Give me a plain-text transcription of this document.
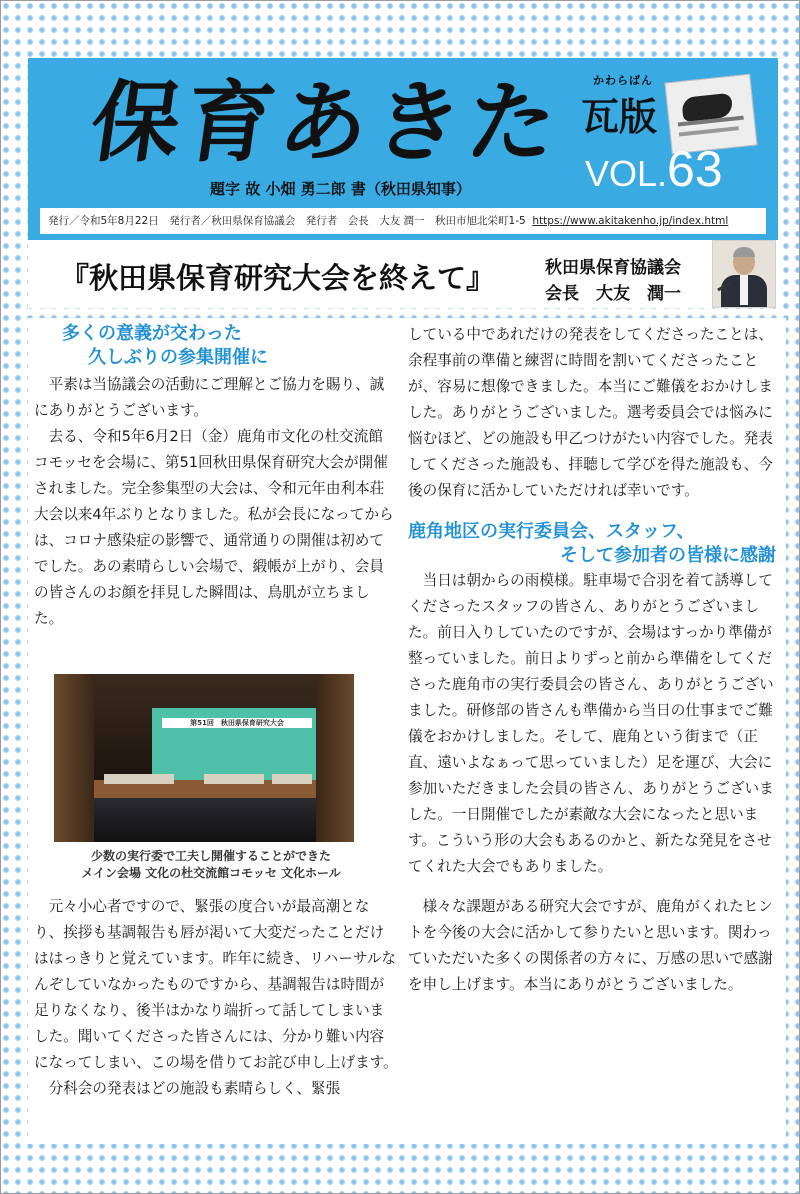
保育あきた
題字 故 小畑 勇二郎 書（秋田県知事）
かわらばん
瓦版
VOL.63
発行／令和5年8月22日　発行者／秋田県保育協議会　発行者　会長　大友 潤一　秋田市旭北栄町1-5 https://www.akitakenho.jp/index.html
『秋田県保育研究大会を終えて』	秋田県保育協議会
会長　大友　潤一
多くの意義が交わった
久しぶりの参集開催に

平素は当協議会の活動にご理解とご協力を賜り、誠にありがとうございます。

去る、令和5年6月2日（金）鹿角市文化の杜交流館コモッセを会場に、第51回秋田県保育研究大会が開催されました。完全参集型の大会は、令和元年由利本荘大会以来4年ぶりとなりました。私が会長になってからは、コロナ感染症の影響で、通常通りの開催は初めてでした。あの素晴らしい会場で、緞帳が上がり、会員の皆さんのお顔を拝見した瞬間は、鳥肌が立ちました。

第51回　秋田県保育研究大会
少数の実行委で工夫し開催することができた
メイン会場 文化の杜交流館コモッセ 文化ホール

元々小心者ですので、緊張の度合いが最高潮となり、挨拶も基調報告も唇が渇いて大変だったことだけははっきりと覚えています。昨年に続き、リハーサルなんぞしていなかったものですから、基調報告は時間が足りなくなり、後半はかなり端折って話してしまいました。聞いてくださった皆さんには、分かり難い内容になってしまい、この場を借りてお詫び申し上げます。

分科会の発表はどの施設も素晴らしく、緊張

している中であれだけの発表をしてくださったことは、余程事前の準備と練習に時間を割いてくださったことが、容易に想像できました。本当にご難儀をおかけしました。ありがとうございました。選考委員会では悩みに悩むほど、どの施設も甲乙つけがたい内容でした。発表してくださった施設も、拝聴して学びを得た施設も、今後の保育に活かしていただければ幸いです。

鹿角地区の実行委員会、スタッフ、
そして参加者の皆様に感謝

当日は朝からの雨模様。駐車場で合羽を着て誘導してくださったスタッフの皆さん、ありがとうございました。前日入りしていたのですが、会場はすっかり準備が整っていました。前日よりずっと前から準備をしてくださった鹿角市の実行委員会の皆さん、ありがとうございました。研修部の皆さんも準備から当日の仕事までご難儀をおかけしました。そして、鹿角という街まで（正直、遠いよなぁって思っていました）足を運び、大会に参加いただきました会員の皆さん、ありがとうございました。一日開催でしたが素敵な大会になったと思います。こういう形の大会もあるのかと、新たな発見をさせてくれた大会でもありました。

様々な課題がある研究大会ですが、鹿角がくれたヒントを今後の大会に活かして参りたいと思います。関わっていただいた多くの関係者の方々に、万感の思いで感謝を申し上げます。本当にありがとうございました。
